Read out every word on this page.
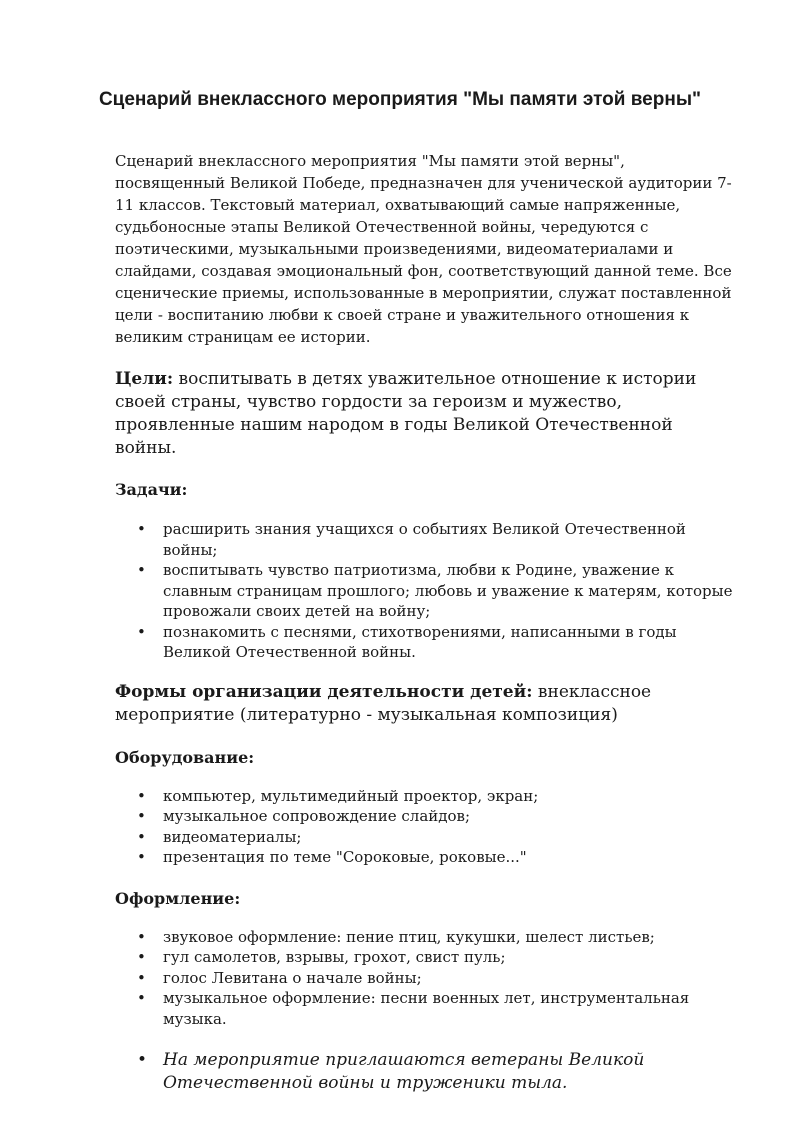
Сценарий внеклассного мероприятия "Мы памяти этой верны"

Сценарий внеклассного мероприятия "Мы памяти этой верны", посвященный Великой Победе, предназначен для ученической аудитории 7-11 классов. Текстовый материал, охватывающий самые напряженные, судьбоносные этапы Великой Отечественной войны, чередуются с поэтическими, музыкальными произведениями, видеоматериалами и слайдами, создавая эмоциональный фон, соответствующий данной теме. Все сценические приемы, использованные в мероприятии, служат поставленной цели - воспитанию любви к своей стране и уважительного отношения к великим страницам ее истории.

Цели: воспитывать в детях уважительное отношение к истории своей страны, чувство гордости за героизм и мужество, проявленные нашим народом в годы Великой Отечественной войны.

Задачи:

• расширить знания учащихся о событиях Великой Отечественной войны;
• воспитывать чувство патриотизма, любви к Родине, уважение к славным страницам прошлого; любовь и уважение к матерям, которые провожали своих детей на войну;
• познакомить с песнями, стихотворениями, написанными в годы Великой Отечественной войны.

Формы организации деятельности детей: внеклассное мероприятие (литературно - музыкальная композиция)

Оборудование:

• компьютер, мультимедийный проектор, экран;
• музыкальное сопровождение слайдов;
• видеоматериалы;
• презентация по теме "Сороковые, роковые..."

Оформление:

• звуковое оформление: пение птиц, кукушки, шелест листьев;
• гул самолетов, взрывы, грохот, свист пуль;
• голос Левитана о начале войны;
• музыкальное оформление: песни военных лет, инструментальная музыка.
• На мероприятие приглашаются ветераны Великой Отечественной войны и труженики тыла.
